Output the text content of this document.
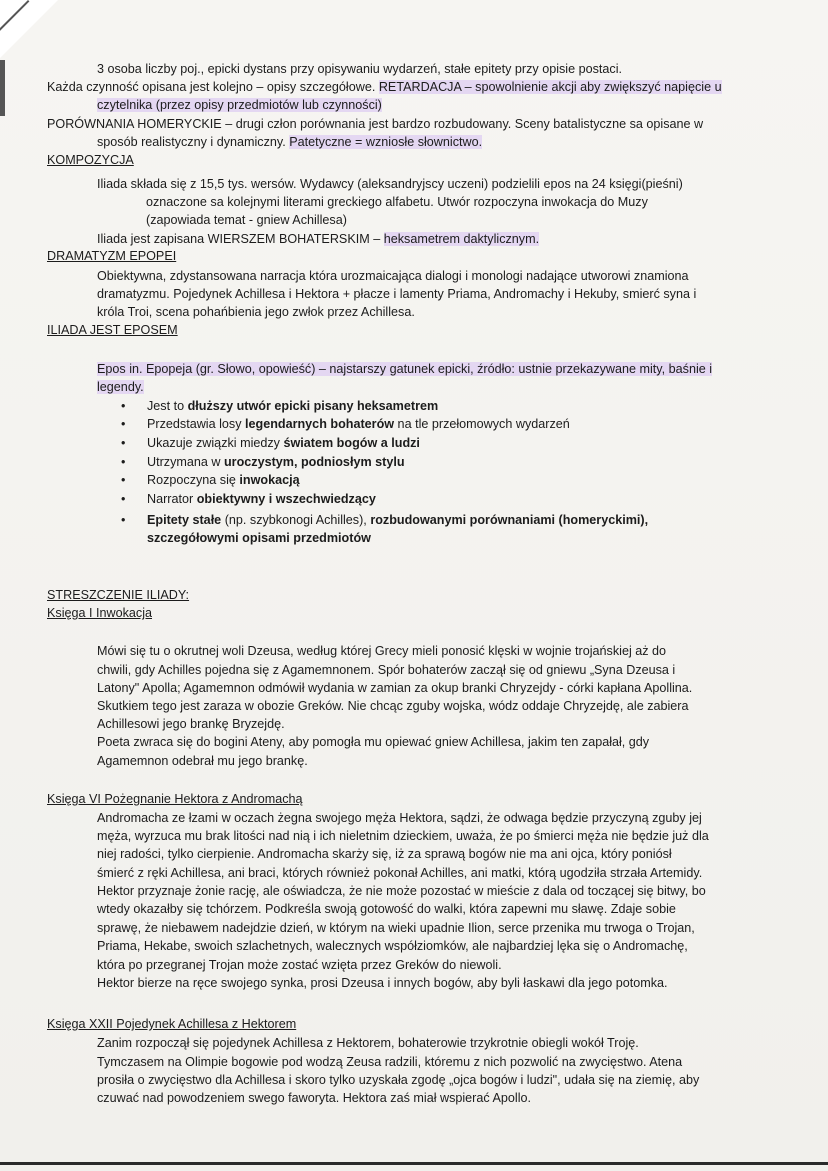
3 osoba liczby poj., epicki dystans przy opisywaniu wydarzeń, stałe epitety przy opisie postaci.
Każda czynność opisana jest kolejno – opisy szczegółowe. RETARDACJA – spowolnienie akcji aby zwiększyć napięcie u
czytelnika (przez opisy przedmiotów lub czynności)
PORÓWNANIA HOMERYCKIE – drugi człon porównania jest bardzo rozbudowany. Sceny batalistyczne sa opisane w
sposób realistyczny i dynamiczny. Patetyczne = wzniosłe słownictwo.
KOMPOZYCJA
Iliada składa się z 15,5 tys. wersów. Wydawcy (aleksandryjscy uczeni) podzielili epos na 24 księgi(pieśni)
oznaczone sa kolejnymi literami greckiego alfabetu. Utwór rozpoczyna inwokacja do Muzy
(zapowiada temat - gniew Achillesa)
Iliada jest zapisana WIERSZEM BOHATERSKIM – heksametrem daktylicznym.
DRAMATYZM EPOPEI
Obiektywna, zdystansowana narracja która urozmaicająca dialogi i monologi nadające utworowi znamiona
dramatyzmu. Pojedynek Achillesa i Hektora + płacze i lamenty Priama, Andromachy i Hekuby, smierć syna i
króla Troi, scena pohańbienia jego zwłok przez Achillesa.
ILIADA JEST EPOSEM
Epos in. Epopeja (gr. Słowo, opowieść) – najstarszy gatunek epicki, źródło: ustnie przekazywane mity, baśnie i
legendy.
• Jest to dłuższy utwór epicki pisany heksametrem
• Przedstawia losy legendarnych bohaterów na tle przełomowych wydarzeń
• Ukazuje związki miedzy światem bogów a ludzi
• Utrzymana w uroczystym, podniosłym stylu
• Rozpoczyna się inwokacją
• Narrator obiektywny i wszechwiedzący
• Epitety stałe (np. szybkonogi Achilles), rozbudowanymi porównaniami (homeryckimi),
szczegółowymi opisami przedmiotów
STRESZCZENIE ILIADY:
Księga I Inwokacja
Mówi się tu o okrutnej woli Dzeusa, według której Grecy mieli ponosić klęski w wojnie trojańskiej aż do
chwili, gdy Achilles pojedna się z Agamemnonem. Spór bohaterów zaczął się od gniewu „Syna Dzeusa i
Latony" Apolla; Agamemnon odmówił wydania w zamian za okup branki Chryzejdy - córki kapłana Apollina.
Skutkiem tego jest zaraza w obozie Greków. Nie chcąc zguby wojska, wódz oddaje Chryzejdę, ale zabiera
Achillesowi jego brankę Bryzejdę.
Poeta zwraca się do bogini Ateny, aby pomogła mu opiewać gniew Achillesa, jakim ten zapałał, gdy
Agamemnon odebrał mu jego brankę.
Księga VI Pożegnanie Hektora z Andromachą
Andromacha ze łzami w oczach żegna swojego męża Hektora, sądzi, że odwaga będzie przyczyną zguby jej
męża, wyrzuca mu brak litości nad nią i ich nieletnim dzieckiem, uważa, że po śmierci męża nie będzie już dla
niej radości, tylko cierpienie. Andromacha skarży się, iż za sprawą bogów nie ma ani ojca, który poniósł
śmierć z ręki Achillesa, ani braci, których również pokonał Achilles, ani matki, którą ugodziła strzała Artemidy.
Hektor przyznaje żonie rację, ale oświadcza, że nie może pozostać w mieście z dala od toczącej się bitwy, bo
wtedy okazałby się tchórzem. Podkreśla swoją gotowość do walki, która zapewni mu sławę. Zdaje sobie
sprawę, że niebawem nadejdzie dzień, w którym na wieki upadnie Ilion, serce przenika mu trwoga o Trojan,
Priama, Hekabe, swoich szlachetnych, walecznych współziomków, ale najbardziej lęka się o Andromachę,
która po przegranej Trojan może zostać wzięta przez Greków do niewoli.
Hektor bierze na ręce swojego synka, prosi Dzeusa i innych bogów, aby byli łaskawi dla jego potomka.
Księga XXII Pojedynek Achillesa z Hektorem
Zanim rozpoczął się pojedynek Achillesa z Hektorem, bohaterowie trzykrotnie obiegli wokół Troję.
Tymczasem na Olimpie bogowie pod wodzą Zeusa radzili, któremu z nich pozwolić na zwycięstwo. Atena
prosiła o zwycięstwo dla Achillesa i skoro tylko uzyskała zgodę „ojca bogów i ludzi", udała się na ziemię, aby
czuwać nad powodzeniem swego faworyta. Hektora zaś miał wspierać Apollo.
